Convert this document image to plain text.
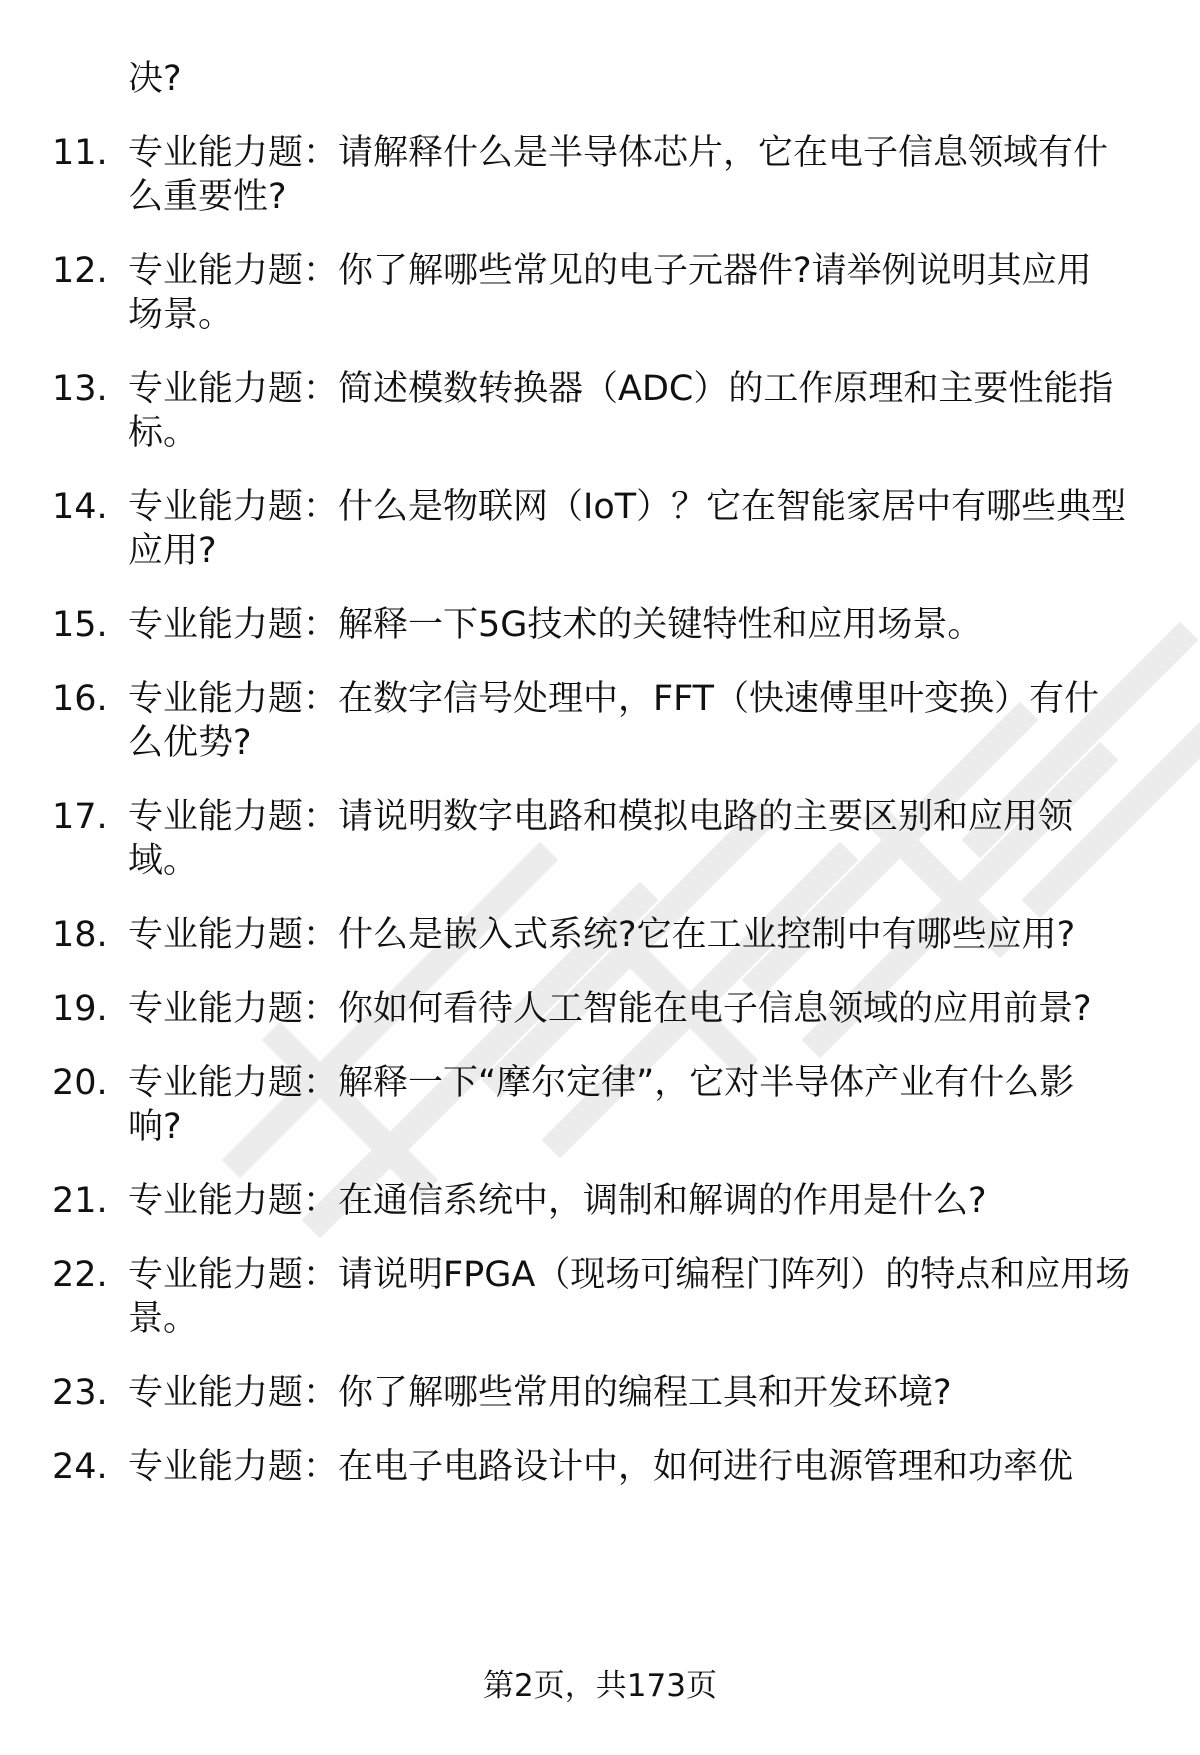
决?
11. 专业能力题：请解释什么是半导体芯片，它在电子信息领域有什
么重要性?
12. 专业能力题：你了解哪些常见的电子元器件?请举例说明其应用
场景。
13. 专业能力题：简述模数转换器（ADC）的工作原理和主要性能指
标。
14. 专业能力题：什么是物联网（IoT）？它在智能家居中有哪些典型
应用?
15. 专业能力题：解释一下5G技术的关键特性和应用场景。
16. 专业能力题：在数字信号处理中，FFT（快速傅里叶变换）有什
么优势?
17. 专业能力题：请说明数字电路和模拟电路的主要区别和应用领
域。
18. 专业能力题：什么是嵌入式系统?它在工业控制中有哪些应用?
19. 专业能力题：你如何看待人工智能在电子信息领域的应用前景?
20. 专业能力题：解释一下“摩尔定律”，它对半导体产业有什么影
响?
21. 专业能力题：在通信系统中，调制和解调的作用是什么?
22. 专业能力题：请说明FPGA（现场可编程门阵列）的特点和应用场
景。
23. 专业能力题：你了解哪些常用的编程工具和开发环境?
24. 专业能力题：在电子电路设计中，如何进行电源管理和功率优
第2页，共173页
